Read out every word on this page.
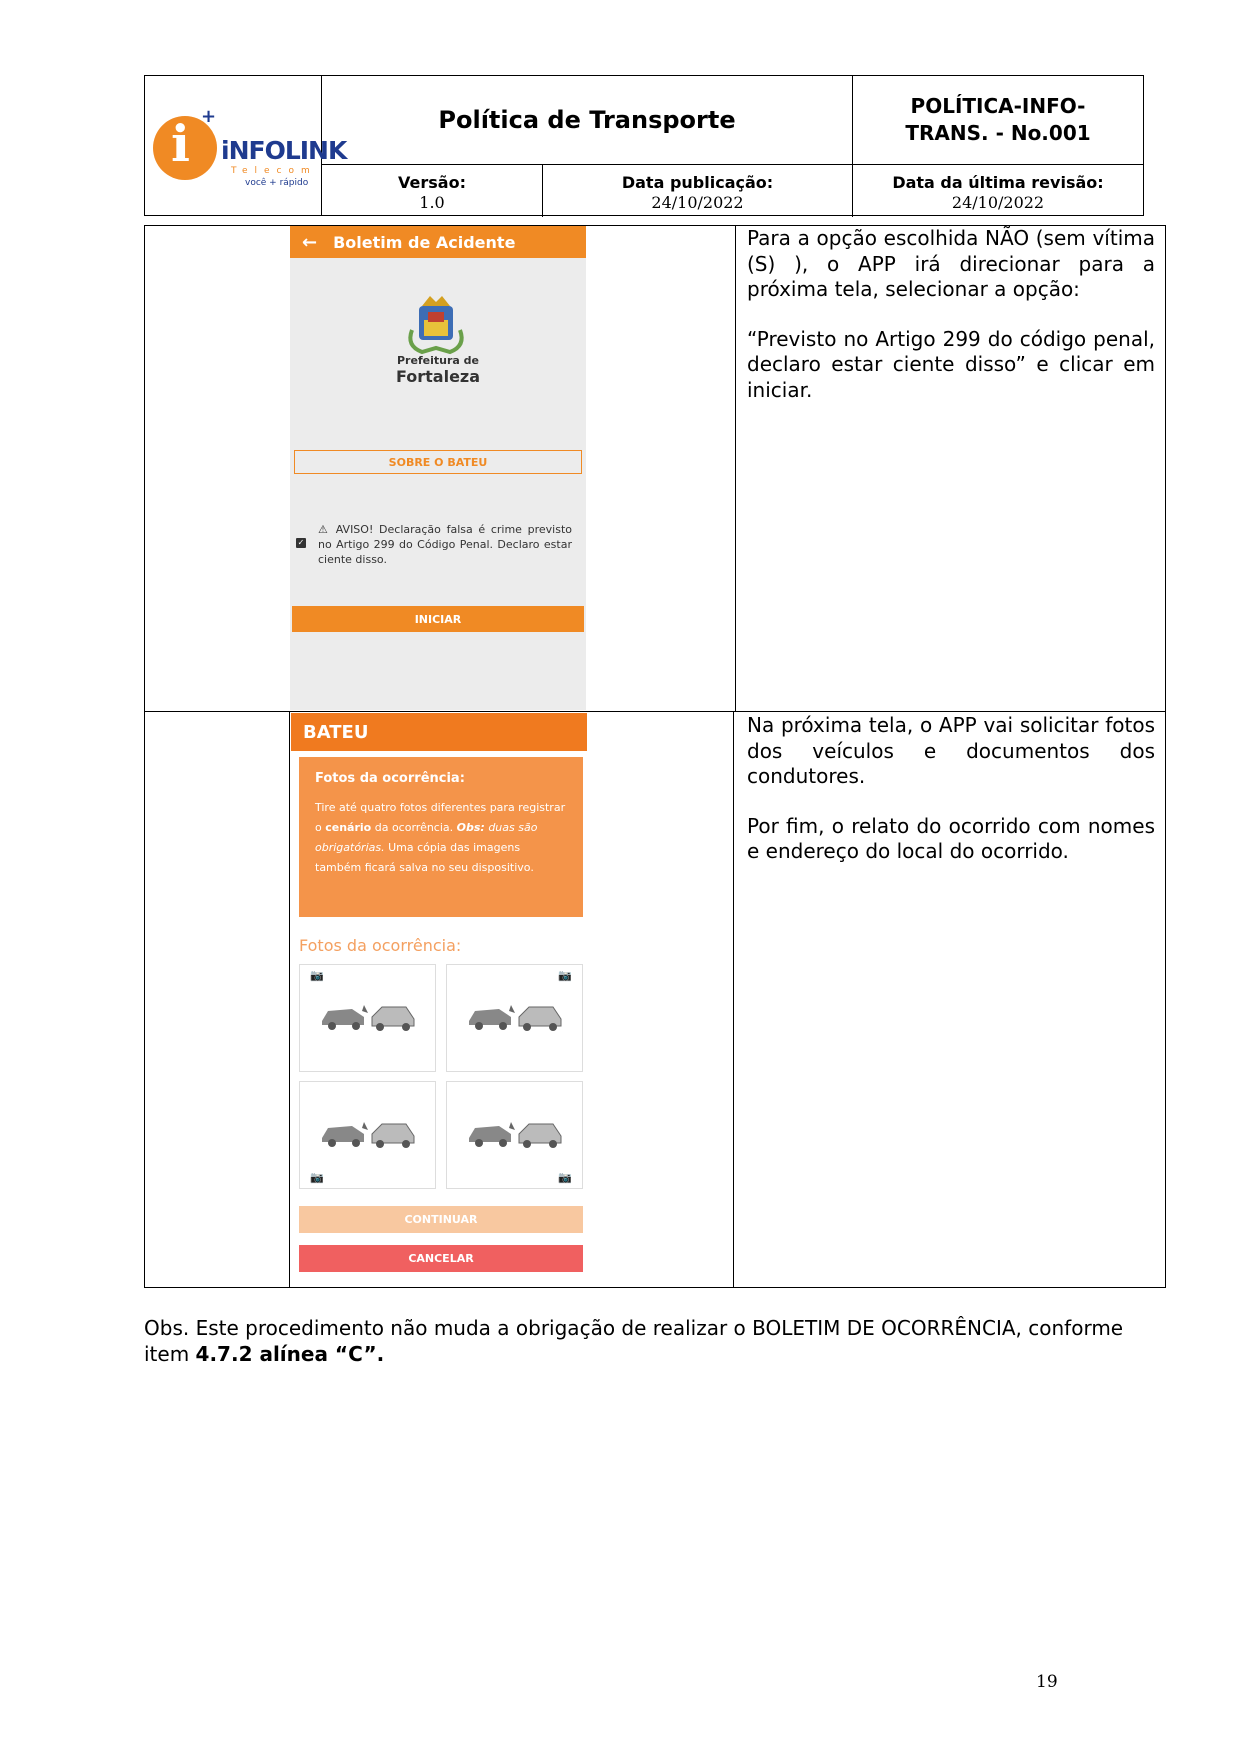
i +
iNFOLINK
Telecom
você + rápido
Política de Transporte	POLÍTICA-INFO-
TRANS. - No.001
Versão:
1.0
Data publicação:
24/10/2022
Data da última revisão:
24/10/2022
← Boletim de Acidente
Prefeitura de
Fortaleza
SOBRE O BATEU
✓
⚠ AVISO! Declaração falsa é crime previsto no Artigo 299 do Código Penal. Declaro estar ciente disso.
INICIAR

Para a opção escolhida NÃO (sem vítima (S) ), o APP irá direcionar para a próxima tela, selecionar a opção:

“Previsto no Artigo 299 do código penal, declaro estar ciente disso” e clicar em iniciar.

BATEU
Fotos da ocorrência:
Tire até quatro fotos diferentes para registrar o cenário da ocorrência. Obs: duas são obrigatórias. Uma cópia das imagens também ficará salva no seu dispositivo.
Fotos da ocorrência:
📷	📷
📷	📷
CONTINUAR
CANCELAR

Na próxima tela, o APP vai solicitar fotos dos veículos e documentos dos condutores.

Por fim, o relato do ocorrido com nomes e endereço do local do ocorrido.

Obs. Este procedimento não muda a obrigação de realizar o BOLETIM DE OCORRÊNCIA, conforme item 4.7.2 alínea “C”.
19
